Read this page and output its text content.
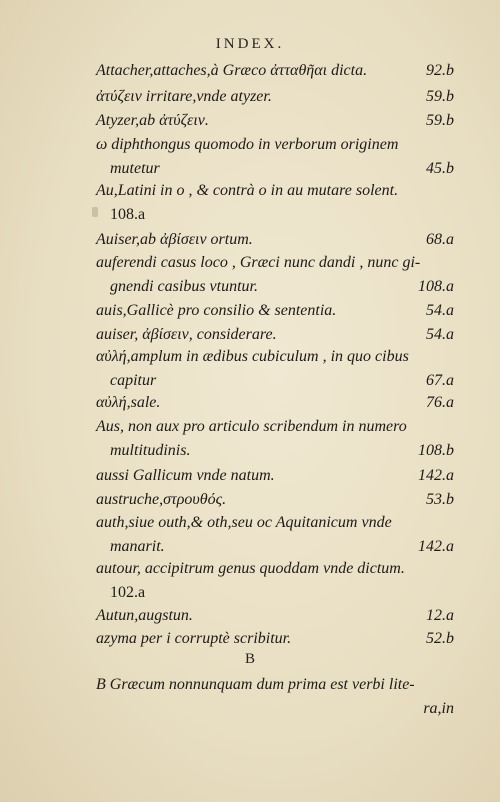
INDEX.
Attacher,attaches,à Græco ἀτταθῆαι dicta.	92.b
ἀτύζειν irritare,vnde atyzer.	59.b
Atyzer,ab ἀτύζειν.	59.b
ω diphthongus quomodo in verborum originem
mutetur	45.b
Au,Latini in o , & contrà o in au mutare solent.
108.a
Auiser,ab ἀβίσειν ortum.	68.a
auferendi casus loco , Græci nunc dandi , nunc gi-
gnendi casibus vtuntur.	108.a
auis,Gallicè pro consilio & sententia.	54.a
auiser, ἀβίσειν, considerare.	54.a
αὐλή,amplum in ædibus cubiculum , in quo cibus
capitur	67.a
αὐλή,sale.	76.a
Aus, non aux pro articulo scribendum in numero
multitudinis.	108.b
aussi Gallicum vnde natum.	142.a
austruche,στρουθός.	53.b
auth,siue outh,& oth,seu oc Aquitanicum vnde
manarit.	142.a
autour, accipitrum genus quoddam vnde dictum.
102.a
Autun,augstun.	12.a
azyma per i corruptè scribitur.	52.b
B
B Græcum nonnunquam dum prima est verbi lite-
ra,in
